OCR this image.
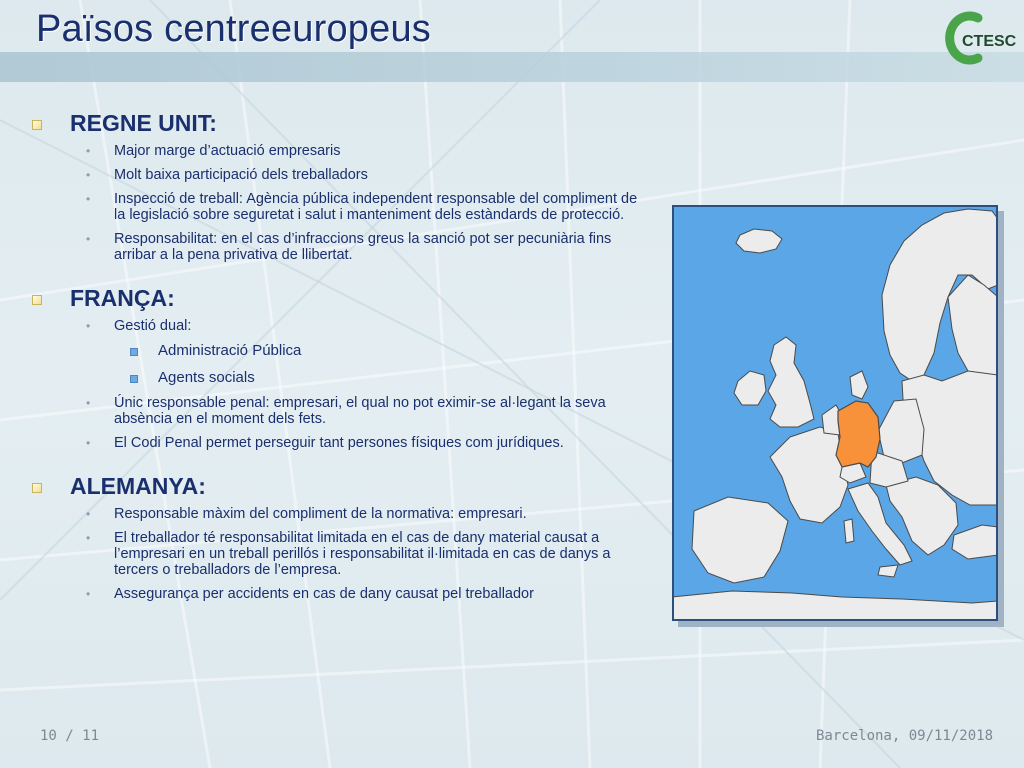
Països centreeuropeus	CTESC
REGNE UNIT:
• Major marge d’actuació empresaris
• Molt baixa participació dels treballadors
• Inspecció de treball: Agència pública independent responsable del compliment de la legislació sobre seguretat i salut i manteniment dels estàndards de protecció.
• Responsabilitat: en el cas d’infraccions greus la sanció pot ser pecuniària fins arribar a la pena privativa de llibertat.
FRANÇA:
• Gestió dual:
Administració Pública
Agents socials
• Únic responsable penal: empresari, el qual no pot eximir-se al·legant la seva absència en el moment dels fets.
• El Codi Penal permet perseguir tant persones físiques com jurídiques.
ALEMANYA:
• Responsable màxim del compliment de la normativa: empresari.
• El treballador té responsabilitat limitada en el cas de dany material causat a l’empresari en un treball perillós i responsabilitat il·limitada en cas de danys a tercers o treballadors de l’empresa.
• Assegurança per accidents en cas de dany causat pel treballador
10 / 11	Barcelona, 09/11/2018
